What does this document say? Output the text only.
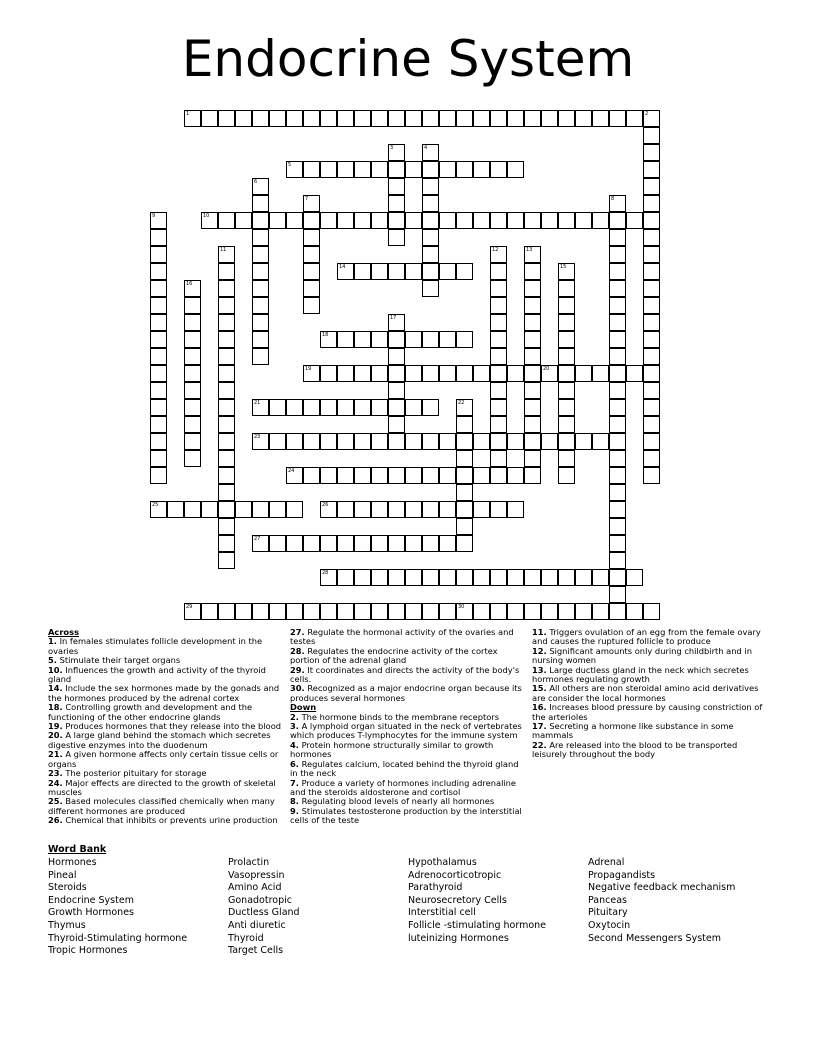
Endocrine System
1	2
3	4
5
6
7	8
9	10
11	12	13
14	15
16
17
18
19	20
21	22
23
24
25	26
27
28
29	30
Across
1. In females stimulates follicle development in the ovaries
5. Stimulate their target organs
10. Influences the growth and activity of the thyroid gland
14. Include the sex hormones made by the gonads and the hormones produced by the adrenal cortex
18. Controlling growth and development and the functioning of the other endocrine glands
19. Produces hormones that they release into the blood
20. A large gland behind the stomach which secretes digestive enzymes into the duodenum
21. A given hormone affects only certain tissue cells or organs
23. The posterior pituitary for storage
24. Major effects are directed to the growth of skeletal muscles
25. Based molecules classified chemically when many different hormones are produced
26. Chemical that inhibits or prevents urine production
27. Regulate the hormonal activity of the ovaries and testes
28. Regulates the endocrine activity of the cortex portion of the adrenal gland
29. It coordinates and directs the activity of the body's cells.
30. Recognized as a major endocrine organ because its produces several hormones
Down
2. The hormone binds to the membrane receptors
3. A lymphoid organ situated in the neck of vertebrates which produces T-lymphocytes for the immune system
4. Protein hormone structurally similar to growth hormones
6. Regulates calcium, located behind the thyroid gland in the neck
7. Produce a variety of hormones including adrenaline and the steroids aldosterone and cortisol
8. Regulating blood levels of nearly all hormones
9. Stimulates testosterone production by the interstitial cells of the teste
11. Triggers ovulation of an egg from the female ovary and causes the ruptured follicle to produce
12. Significant amounts only during childbirth and in nursing women
13. Large ductless gland in the neck which secretes hormones regulating growth
15. All others are non steroidal amino acid derivatives are consider the local hormones
16. Increases blood pressure by causing constriction of the arterioles
17. Secreting a hormone like substance in some mammals
22. Are released into the blood to be transported leisurely throughout the body
Word Bank
Hormones
Pineal
Steroids
Endocrine System
Growth Hormones
Thymus
Thyroid-Stimulating hormone
Tropic Hormones
Prolactin
Vasopressin
Amino Acid
Gonadotropic
Ductless Gland
Anti diuretic
Thyroid
Target Cells
Hypothalamus
Adrenocorticotropic
Parathyroid
Neurosecretory Cells
Interstitial cell
Follicle -stimulating hormone
luteinizing Hormones
Adrenal
Propagandists
Negative feedback mechanism
Panceas
Pituitary
Oxytocin
Second Messengers System
